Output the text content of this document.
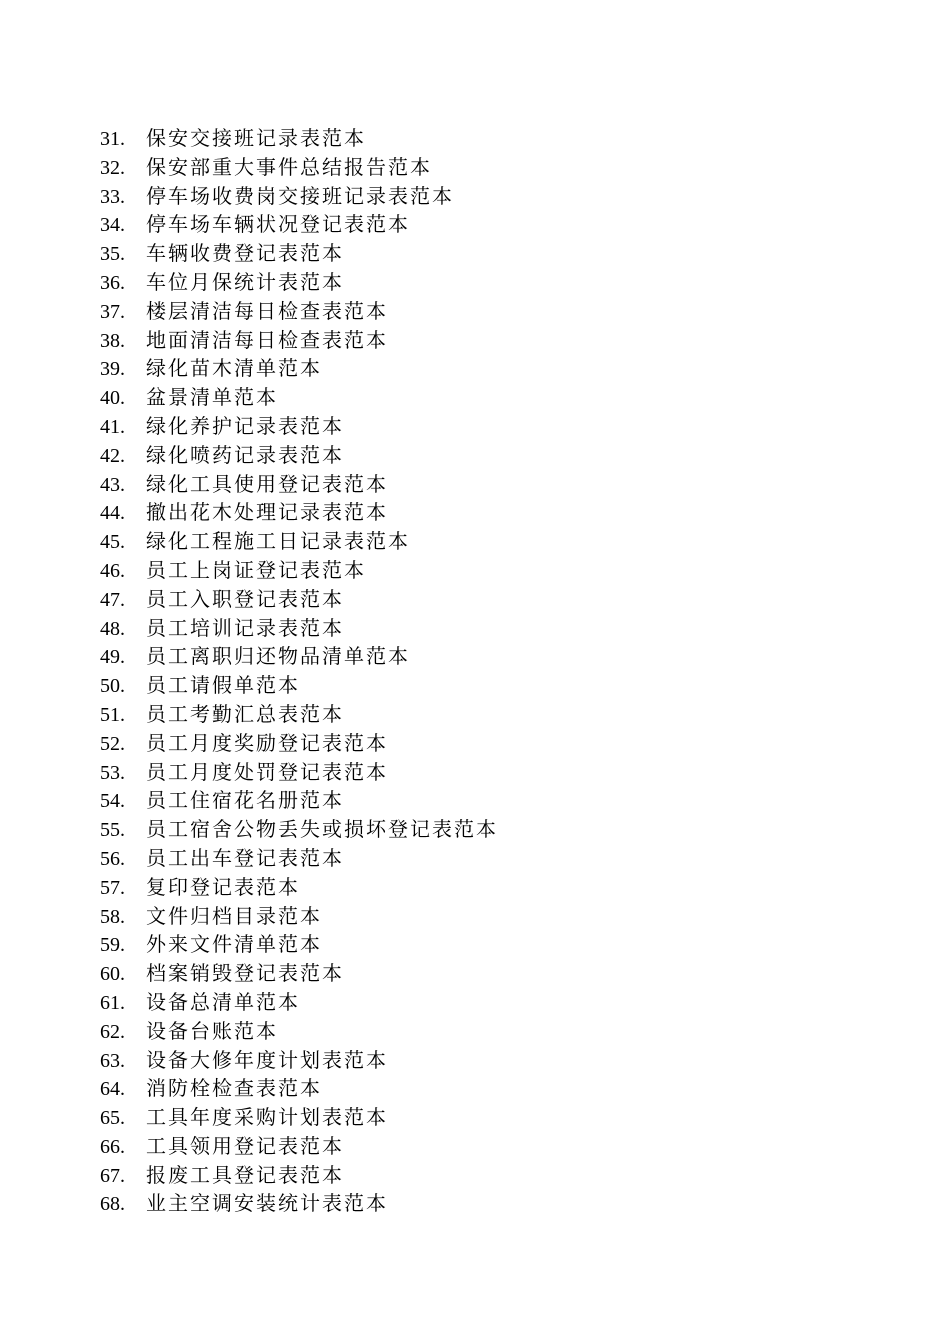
31.	保安交接班记录表范本
32.	保安部重大事件总结报告范本
33.	停车场收费岗交接班记录表范本
34.	停车场车辆状况登记表范本
35.	车辆收费登记表范本
36.	车位月保统计表范本
37.	楼层清洁每日检查表范本
38.	地面清洁每日检查表范本
39.	绿化苗木清单范本
40.	盆景清单范本
41.	绿化养护记录表范本
42.	绿化喷药记录表范本
43.	绿化工具使用登记表范本
44.	撤出花木处理记录表范本
45.	绿化工程施工日记录表范本
46.	员工上岗证登记表范本
47.	员工入职登记表范本
48.	员工培训记录表范本
49.	员工离职归还物品清单范本
50.	员工请假单范本
51.	员工考勤汇总表范本
52.	员工月度奖励登记表范本
53.	员工月度处罚登记表范本
54.	员工住宿花名册范本
55.	员工宿舍公物丢失或损坏登记表范本
56.	员工出车登记表范本
57.	复印登记表范本
58.	文件归档目录范本
59.	外来文件清单范本
60.	档案销毁登记表范本
61.	设备总清单范本
62.	设备台账范本
63.	设备大修年度计划表范本
64.	消防栓检查表范本
65.	工具年度采购计划表范本
66.	工具领用登记表范本
67.	报废工具登记表范本
68.	业主空调安装统计表范本
